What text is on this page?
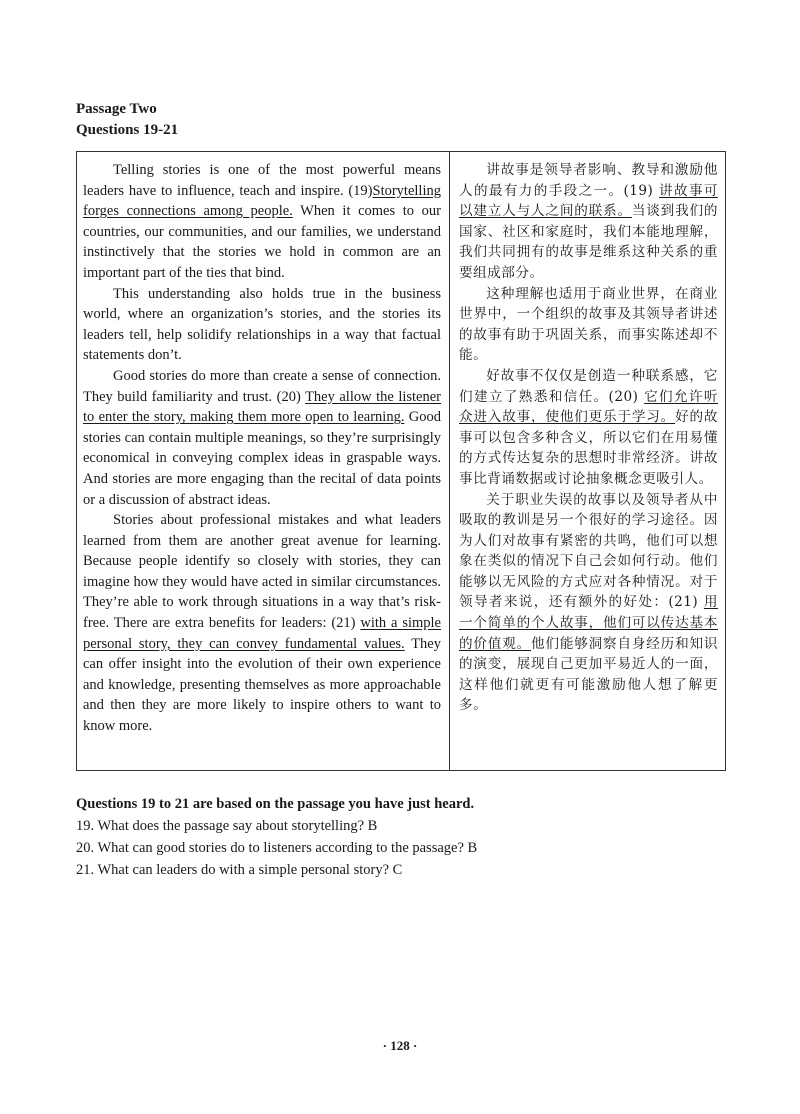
Passage Two
Questions 19-21

Telling stories is one of the most powerful means leaders have to influence, teach and inspire. (19)Storytelling forges connections among people. When it comes to our countries, our communities, and our families, we understand instinctively that the stories we hold in common are an important part of the ties that bind.

This understanding also holds true in the business world, where an organization’s stories, and the stories its leaders tell, help solidify relationships in a way that factual statements don’t.

Good stories do more than create a sense of connection. They build familiarity and trust. (20) They allow the listener to enter the story, making them more open to learning. Good stories can contain multiple meanings, so they’re surprisingly economical in conveying complex ideas in graspable ways. And stories are more engaging than the recital of data points or a discussion of abstract ideas.

Stories about professional mistakes and what leaders learned from them are another great avenue for learning. Because people identify so closely with stories, they can imagine how they would have acted in similar circumstances. They’re able to work through situations in a way that’s risk-free. There are extra benefits for leaders: (21) with a simple personal story, they can convey fundamental values. They can offer insight into the evolution of their own experience and knowledge, presenting themselves as more approachable and then they are more likely to inspire others to want to know more.

讲故事是领导者影响、教导和激励他人的最有力的手段之一。(19) 讲故事可以建立人与人之间的联系。当谈到我们的国家、社区和家庭时，我们本能地理解，我们共同拥有的故事是维系这种关系的重要组成部分。

这种理解也适用于商业世界，在商业世界中，一个组织的故事及其领导者讲述的故事有助于巩固关系，而事实陈述却不能。

好故事不仅仅是创造一种联系感，它们建立了熟悉和信任。(20) 它们允许听众进入故事，使他们更乐于学习。好的故事可以包含多种含义，所以它们在用易懂的方式传达复杂的思想时非常经济。讲故事比背诵数据或讨论抽象概念更吸引人。

关于职业失误的故事以及领导者从中吸取的教训是另一个很好的学习途径。因为人们对故事有紧密的共鸣，他们可以想象在类似的情况下自己会如何行动。他们能够以无风险的方式应对各种情况。对于领导者来说，还有额外的好处：(21) 用一个简单的个人故事，他们可以传达基本的价值观。他们能够洞察自身经历和知识的演变，展现自己更加平易近人的一面，这样他们就更有可能激励他人想了解更多。

Questions 19 to 21 are based on the passage you have just heard.
19. What does the passage say about storytelling? B
20. What can good stories do to listeners according to the passage? B
21. What can leaders do with a simple personal story? C
· 128 ·
